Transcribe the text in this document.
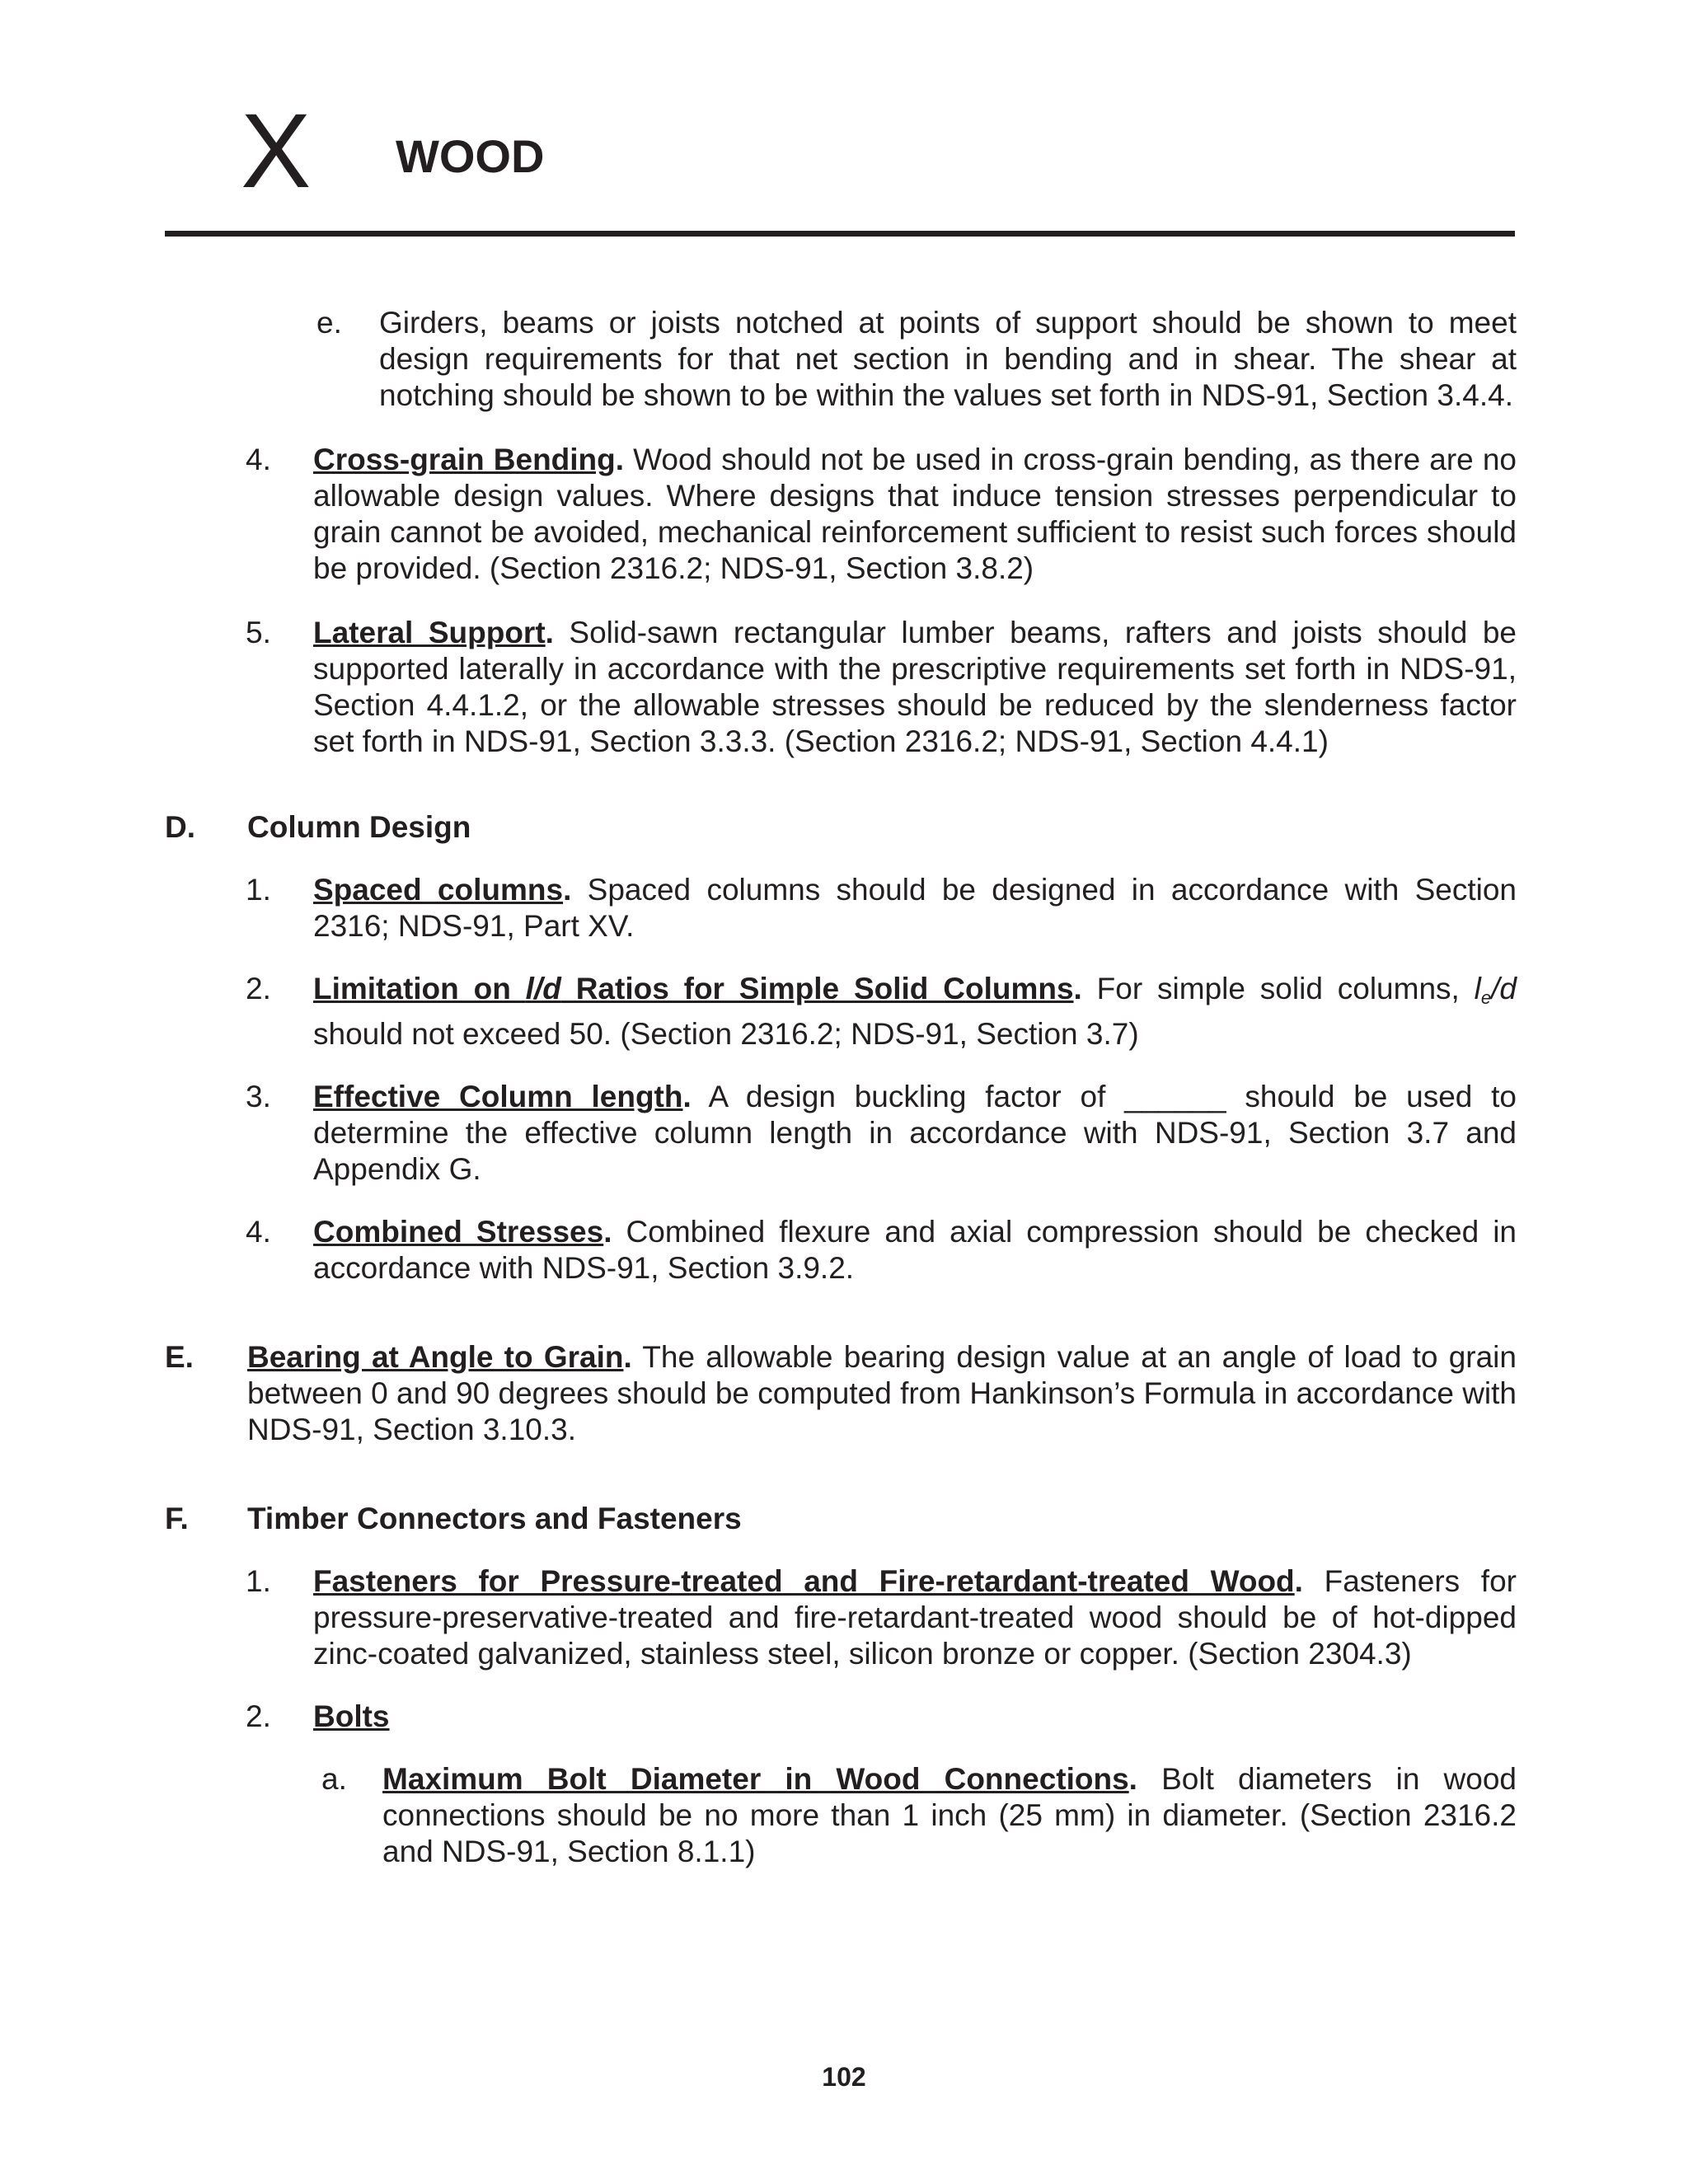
X WOOD
e. Girders, beams or joists notched at points of support should be shown to meet design requirements for that net section in bending and in shear. The shear at notching should be shown to be within the values set forth in NDS-91, Section 3.4.4.
4. Cross-grain Bending. Wood should not be used in cross-grain bending, as there are no allowable design values. Where designs that induce tension stresses perpendicular to grain cannot be avoided, mechanical reinforcement sufficient to resist such forces should be provided. (Section 2316.2; NDS-91, Section 3.8.2)
5. Lateral Support. Solid-sawn rectangular lumber beams, rafters and joists should be supported laterally in accordance with the prescriptive requirements set forth in NDS-91, Section 4.4.1.2, or the allowable stresses should be reduced by the slenderness factor set forth in NDS-91, Section 3.3.3. (Section 2316.2; NDS-91, Section 4.4.1)
D. Column Design
1. Spaced columns. Spaced columns should be designed in accordance with Section 2316; NDS-91, Part XV.
2. Limitation on l/d Ratios for Simple Solid Columns. For simple solid columns, $l_e/d$ should not exceed 50. (Section 2316.2; NDS-91, Section 3.7)
3. Effective Column length. A design buckling factor of ______ should be used to determine the effective column length in accordance with NDS-91, Section 3.7 and Appendix G.
4. Combined Stresses. Combined flexure and axial compression should be checked in accordance with NDS-91, Section 3.9.2.
E. Bearing at Angle to Grain. The allowable bearing design value at an angle of load to grain between 0 and 90 degrees should be computed from Hankinson’s Formula in accordance with NDS-91, Section 3.10.3.
F. Timber Connectors and Fasteners
1. Fasteners for Pressure-treated and Fire-retardant-treated Wood. Fasteners for pressure-preservative-treated and fire-retardant-treated wood should be of hot-dipped zinc-coated galvanized, stainless steel, silicon bronze or copper. (Section 2304.3)
2. Bolts
a. Maximum Bolt Diameter in Wood Connections. Bolt diameters in wood connections should be no more than 1 inch (25 mm) in diameter. (Section 2316.2 and NDS-91, Section 8.1.1)
102
